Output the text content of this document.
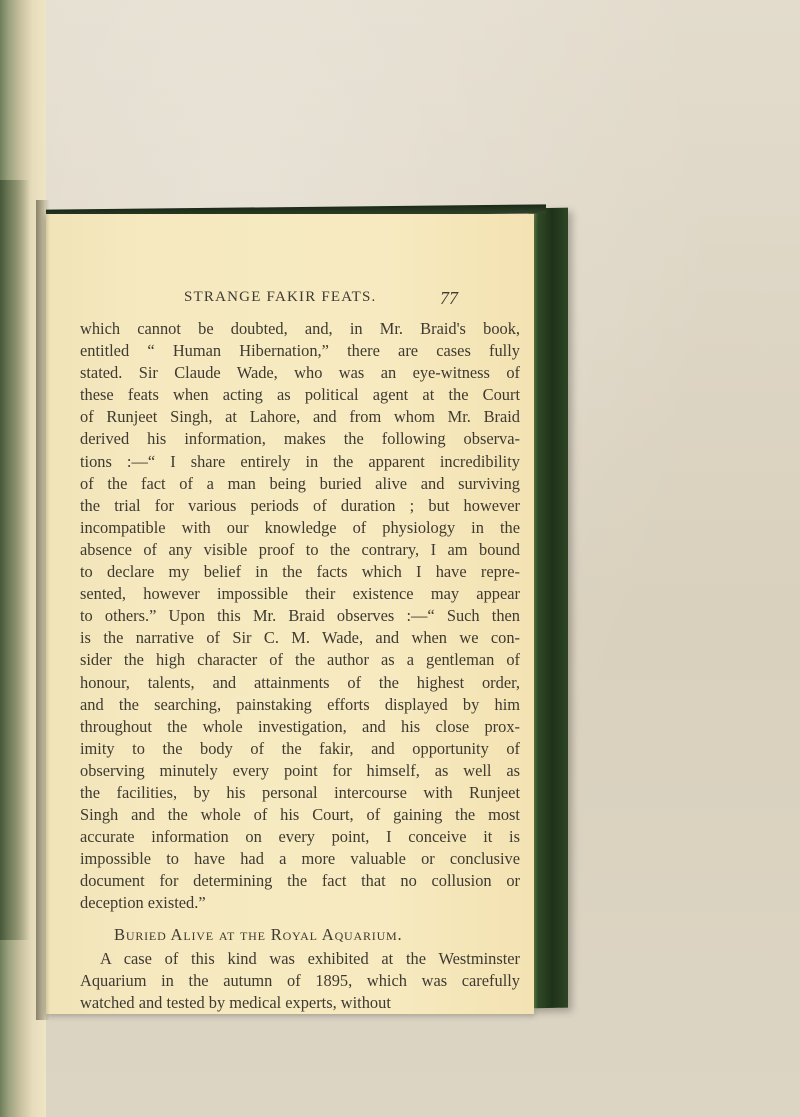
STRANGE FAKIR FEATS.	77
which cannot be doubted, and, in Mr. Braid's book,
entitled “ Human Hibernation,” there are cases fully
stated. Sir Claude Wade, who was an eye-witness of
these feats when acting as political agent at the Court
of Runjeet Singh, at Lahore, and from whom Mr. Braid
derived his information, makes the following observa-
tions :—“ I share entirely in the apparent incredibility
of the fact of a man being buried alive and surviving
the trial for various periods of duration ; but however
incompatible with our knowledge of physiology in the
absence of any visible proof to the contrary, I am bound
to declare my belief in the facts which I have repre-
sented, however impossible their existence may appear
to others.” Upon this Mr. Braid observes :—“ Such then
is the narrative of Sir C. M. Wade, and when we con-
sider the high character of the author as a gentleman of
honour, talents, and attainments of the highest order,
and the searching, painstaking efforts displayed by him
throughout the whole investigation, and his close prox-
imity to the body of the fakir, and opportunity of
observing minutely every point for himself, as well as
the facilities, by his personal intercourse with Runjeet
Singh and the whole of his Court, of gaining the most
accurate information on every point, I conceive it is
impossible to have had a more valuable or conclusive
document for determining the fact that no collusion or
deception existed.”
Buried Alive at the Royal Aquarium.
A case of this kind was exhibited at the Westminster
Aquarium in the autumn of 1895, which was carefully
watched and tested by medical experts, without
